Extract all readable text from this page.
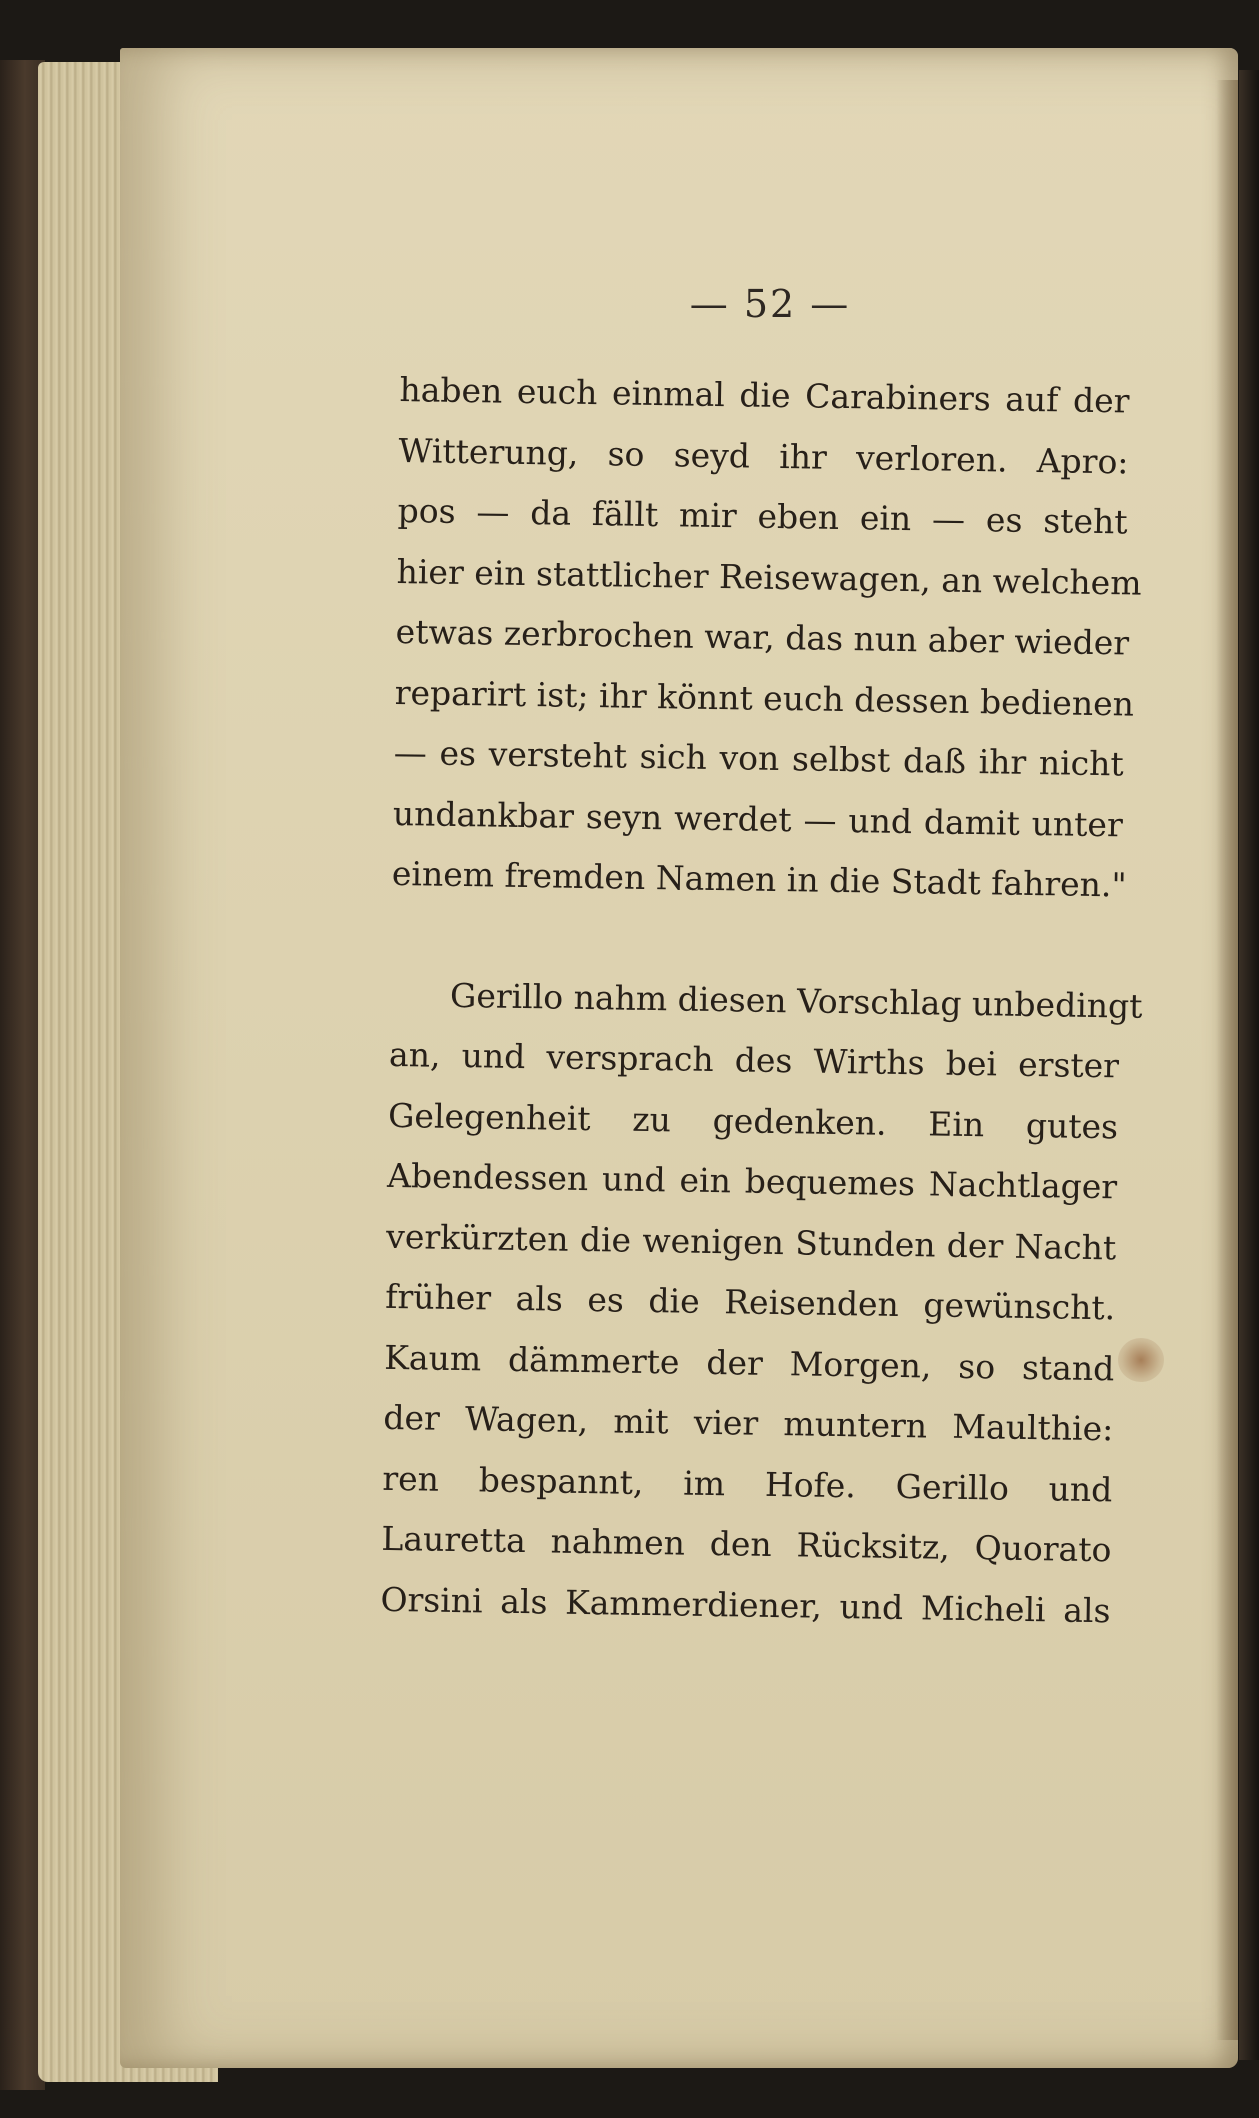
— 52 —
haben euch einmal die Carabiners auf der
Witterung, so seyd ihr verloren. Apro:
pos — da fällt mir eben ein — es steht
hier ein stattlicher Reisewagen, an welchem
etwas zerbrochen war, das nun aber wieder
reparirt ist; ihr könnt euch dessen bedienen
— es versteht sich von selbst daß ihr nicht
undankbar seyn werdet — und damit unter
einem fremden Namen in die Stadt fahren."
Gerillo nahm diesen Vorschlag unbedingt
an, und versprach des Wirths bei erster
Gelegenheit zu gedenken. Ein gutes
Abendessen und ein bequemes Nachtlager
verkürzten die wenigen Stunden der Nacht
früher als es die Reisenden gewünscht.
Kaum dämmerte der Morgen, so stand
der Wagen, mit vier muntern Maulthie:
ren bespannt, im Hofe. Gerillo und
Lauretta nahmen den Rücksitz, Quorato
Orsini als Kammerdiener, und Micheli als
